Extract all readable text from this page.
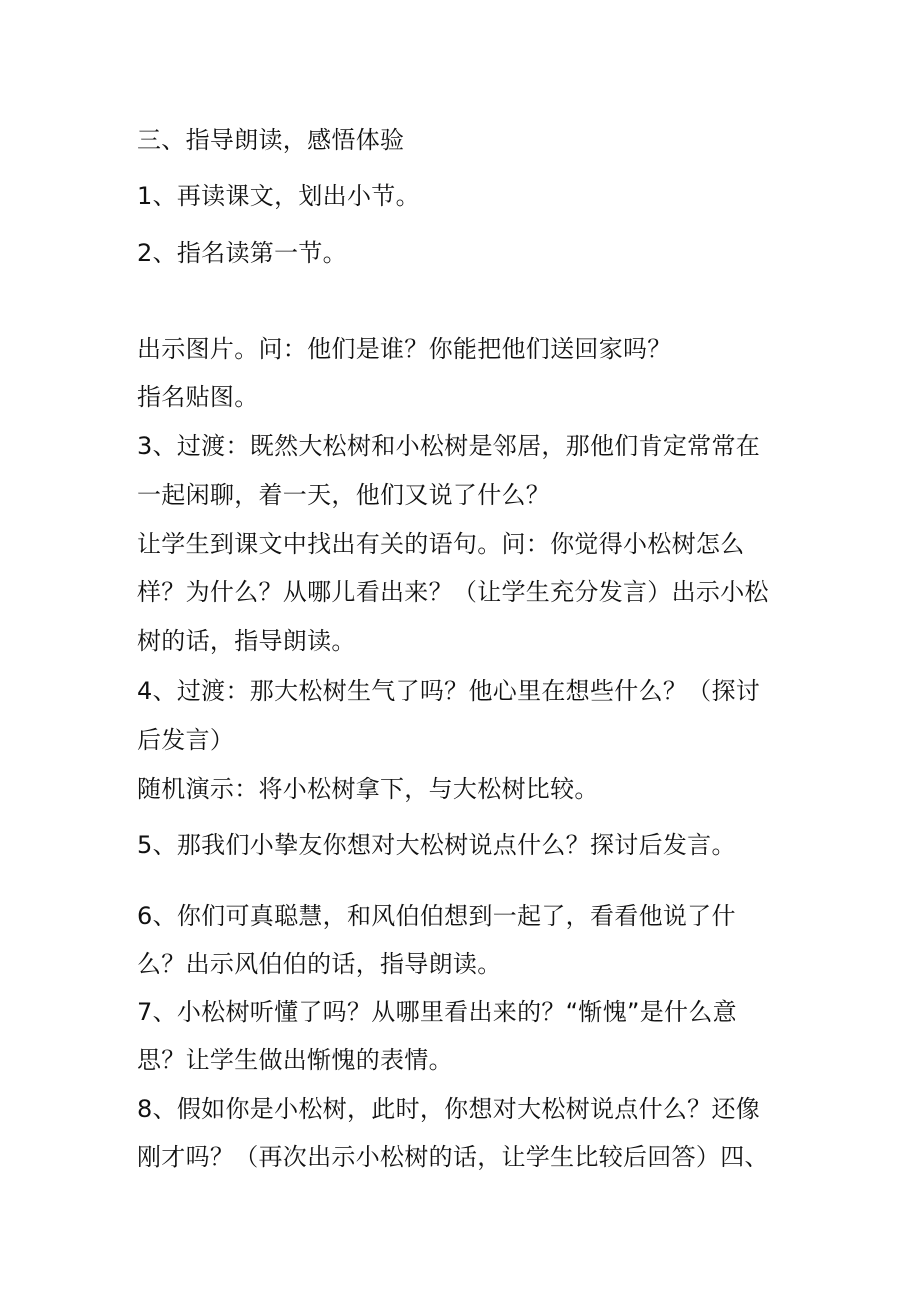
三、指导朗读，感悟体验

1、再读课文，划出小节。

2、指名读第一节。

出示图片。问：他们是谁？你能把他们送回家吗？

指名贴图。

3、过渡：既然大松树和小松树是邻居，那他们肯定常常在

一起闲聊，着一天，他们又说了什么？

让学生到课文中找出有关的语句。问：你觉得小松树怎么

样？为什么？从哪儿看出来？（让学生充分发言）出示小松

树的话，指导朗读。

4、过渡：那大松树生气了吗？他心里在想些什么？（探讨

后发言）

随机演示：将小松树拿下，与大松树比较。

5、那我们小挚友你想对大松树说点什么？探讨后发言。

6、你们可真聪慧，和风伯伯想到一起了，看看他说了什

么？出示风伯伯的话，指导朗读。

7、小松树听懂了吗？从哪里看出来的？“惭愧”是什么意

思？让学生做出惭愧的表情。

8、假如你是小松树，此时，你想对大松树说点什么？还像

刚才吗？（再次出示小松树的话，让学生比较后回答）四、
